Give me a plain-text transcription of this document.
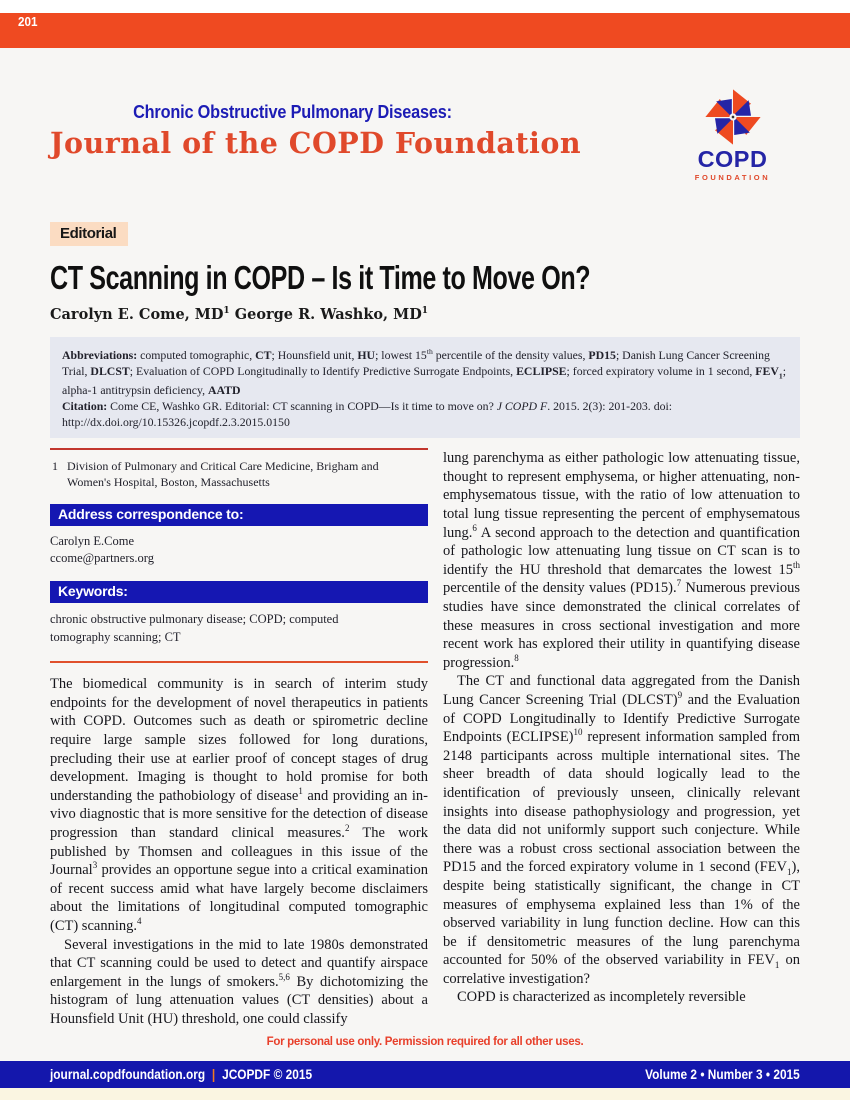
201
Chronic Obstructive Pulmonary Diseases:
Journal of the COPD Foundation	COPD
FOUNDATION
Editorial
CT Scanning in COPD – Is it Time to Move On?
Carolyn E. Come, $MD^1$ George R. Washko, $MD^1$

Abbreviations: computed tomographic, CT; Hounsfield unit, HU; lowest 15th percentile of the density values, PD15; Danish Lung Cancer Screening Trial, DLCST; Evaluation of COPD Longitudinally to Identify Predictive Surrogate Endpoints, ECLIPSE; forced expiratory volume in 1 second, $FEV_1$; alpha-1 antitrypsin deficiency, AATD

Citation: Come CE, Washko GR. Editorial: CT scanning in COPD—Is it time to move on? J COPD F. 2015. 2(3): 201-203. doi: http://dx.doi.org/10.15326.jcopdf.2.3.2015.0150

1 Division of Pulmonary and Critical Care Medicine, Brigham and Women's Hospital, Boston, Massachusetts
Address correspondence to:
Carolyn E.Come
ccome@partners.org
Keywords:
chronic obstructive pulmonary disease; COPD; computed tomography scanning; CT

The biomedical community is in search of interim study endpoints for the development of novel therapeutics in patients with COPD. Outcomes such as death or spirometric decline require large sample sizes followed for long durations, precluding their use at earlier proof of concept stages of drug development. Imaging is thought to hold promise for both understanding the pathobiology of disease$^1$ and providing an in-vivo diagnostic that is more sensitive for the detection of disease progression than standard clinical measures.$^2$ The work published by Thomsen and colleagues in this issue of the Journal$^3$ provides an opportune segue into a critical examination of recent success amid what have largely become disclaimers about the limitations of longitudinal computed tomographic (CT) scanning.$^4$

Several investigations in the mid to late 1980s demonstrated that CT scanning could be used to detect and quantify airspace enlargement in the lungs of smokers.$^{5,6}$ By dichotomizing the histogram of lung attenuation values (CT densities) about a Hounsfield Unit (HU) threshold, one could classify

lung parenchyma as either pathologic low attenuating tissue, thought to represent emphysema, or higher attenuating, non-emphysematous tissue, with the ratio of low attenuation to total lung tissue representing the percent of emphysematous lung.$^6$ A second approach to the detection and quantification of pathologic low attenuating lung tissue on CT scan is to identify the HU threshold that demarcates the lowest 15th percentile of the density values (PD15).$^7$ Numerous previous studies have since demonstrated the clinical correlates of these measures in cross sectional investigation and more recent work has explored their utility in quantifying disease progression.$^8$

The CT and functional data aggregated from the Danish Lung Cancer Screening Trial (DLCST)$^9$ and the Evaluation of COPD Longitudinally to Identify Predictive Surrogate Endpoints (ECLIPSE)$^{10}$ represent information sampled from 2148 participants across multiple international sites. The sheer breadth of data should logically lead to the identification of previously unseen, clinically relevant insights into disease pathophysiology and progression, yet the data did not uniformly support such conjecture. While there was a robust cross sectional association between the PD15 and the forced expiratory volume in 1 second $(FEV_1)$, despite being statistically significant, the change in CT measures of emphysema explained less than 1% of the observed variability in lung function decline. How can this be if densitometric measures of the lung parenchyma accounted for 50% of the observed variability in $FEV_1$ on correlative investigation?

COPD is characterized as incompletely reversible

For personal use only. Permission required for all other uses.
journal.copdfoundation.org | JCOPDF © 2015	Volume 2 • Number 3 • 2015
